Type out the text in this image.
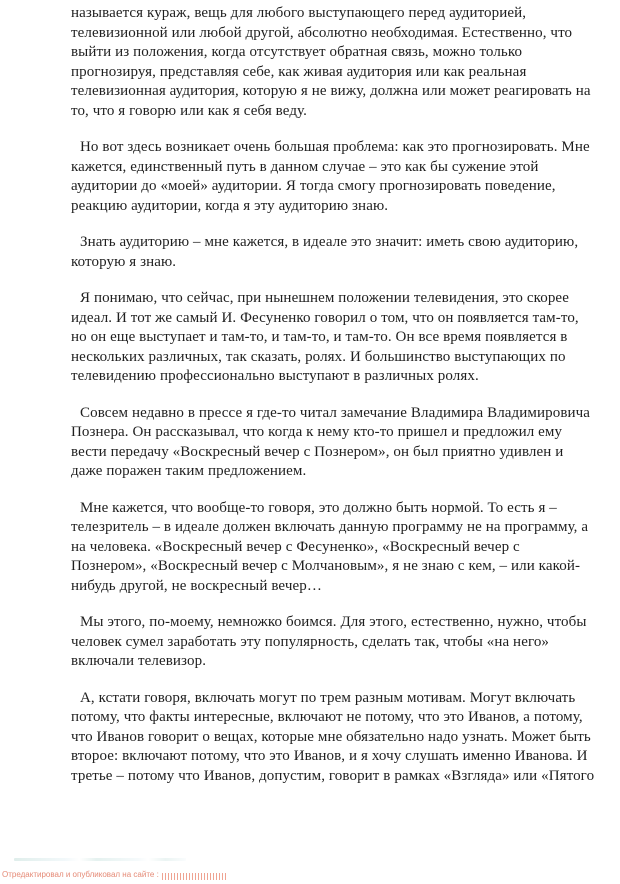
называется кураж, вещь для любого выступающего перед аудиторией,
телевизионной или любой другой, абсолютно необходимая. Естественно, что
выйти из положения, когда отсутствует обратная связь, можно только
прогнозируя, представляя себе, как живая аудитория или как реальная
телевизионная аудитория, которую я не вижу, должна или может реагировать на
то, что я говорю или как я себя веду.
Но вот здесь возникает очень большая проблема: как это прогнозировать. Мне
кажется, единственный путь в данном случае – это как бы сужение этой
аудитории до «моей» аудитории. Я тогда смогу прогнозировать поведение,
реакцию аудитории, когда я эту аудиторию знаю.
Знать аудиторию – мне кажется, в идеале это значит: иметь свою аудиторию,
которую я знаю.
Я понимаю, что сейчас, при нынешнем положении телевидения, это скорее
идеал. И тот же самый И. Фесуненко говорил о том, что он появляется там-то,
но он еще выступает и там-то, и там-то, и там-то. Он все время появляется в
нескольких различных, так сказать, ролях. И большинство выступающих по
телевидению профессионально выступают в различных ролях.
Совсем недавно в прессе я где-то читал замечание Владимира Владимировича
Познера. Он рассказывал, что когда к нему кто-то пришел и предложил ему
вести передачу «Воскресный вечер с Познером», он был приятно удивлен и
даже поражен таким предложением.
Мне кажется, что вообще-то говоря, это должно быть нормой. То есть я –
телезритель – в идеале должен включать данную программу не на программу, а
на человека. «Воскресный вечер с Фесуненко», «Воскресный вечер с
Познером», «Воскресный вечер с Молчановым», я не знаю с кем, – или какой-
нибудь другой, не воскресный вечер…
Мы этого, по-моему, немножко боимся. Для этого, естественно, нужно, чтобы
человек сумел заработать эту популярность, сделать так, чтобы «на него»
включали телевизор.
А, кстати говоря, включать могут по трем разным мотивам. Могут включать
потому, что факты интересные, включают не потому, что это Иванов, а потому,
что Иванов говорит о вещах, которые мне обязательно надо узнать. Может быть
второе: включают потому, что это Иванов, и я хочу слушать именно Иванова. И
третье – потому что Иванов, допустим, говорит в рамках «Взгляда» или «Пятого
Отредактировал и опубликовал на сайте :
